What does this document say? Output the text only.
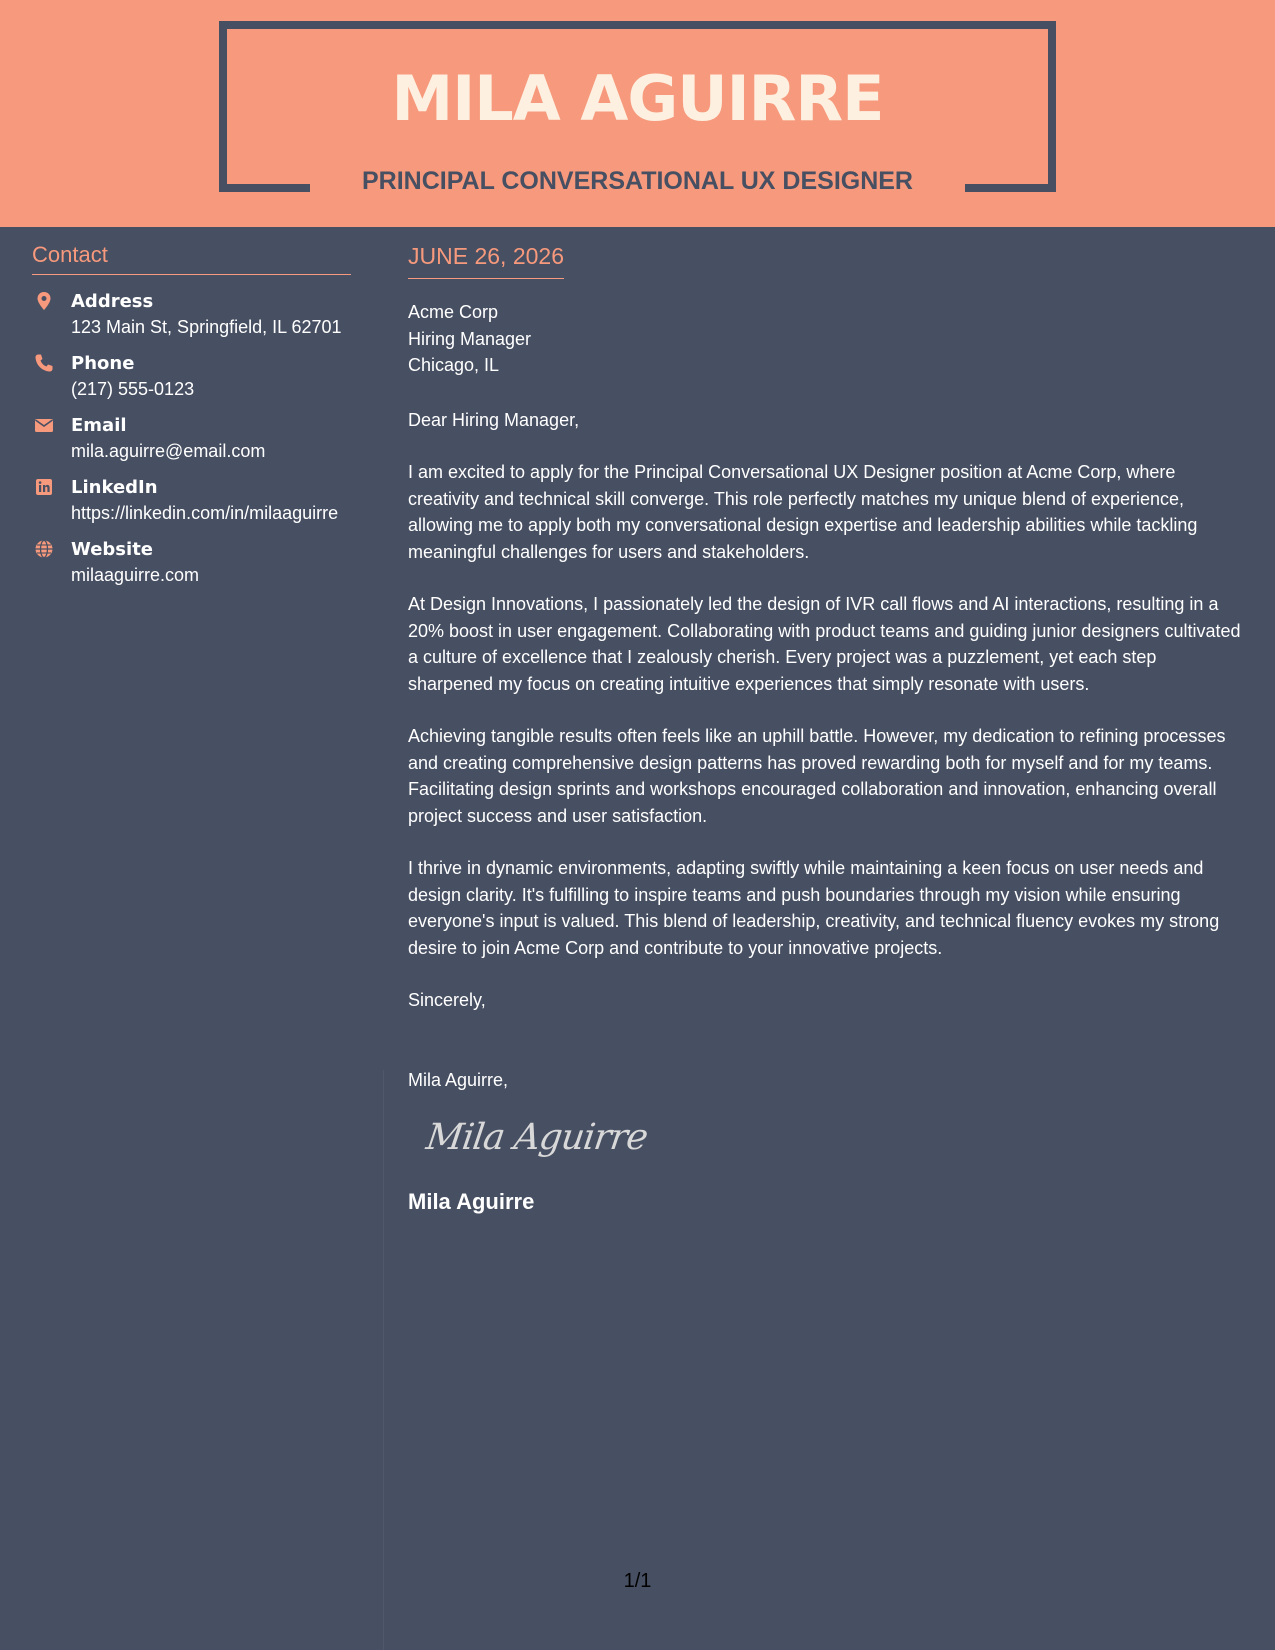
MILA AGUIRRE
PRINCIPAL CONVERSATIONAL UX DESIGNER
Contact
Address
123 Main St, Springfield, IL 62701
Phone
(217) 555-0123
Email
mila.aguirre@email.com
LinkedIn
https://linkedin.com/in/milaaguirre
Website
milaaguirre.com
JUNE 26, 2026
Acme Corp
Hiring Manager
Chicago, IL
Dear Hiring Manager,
I am excited to apply for the Principal Conversational UX Designer position at Acme Corp, where creativity and technical skill converge. This role perfectly matches my unique blend of experience, allowing me to apply both my conversational design expertise and leadership abilities while tackling meaningful challenges for users and stakeholders.
At Design Innovations, I passionately led the design of IVR call flows and AI interactions, resulting in a 20% boost in user engagement. Collaborating with product teams and guiding junior designers cultivated a culture of excellence that I zealously cherish. Every project was a puzzlement, yet each step sharpened my focus on creating intuitive experiences that simply resonate with users.
Achieving tangible results often feels like an uphill battle. However, my dedication to refining processes and creating comprehensive design patterns has proved rewarding both for myself and for my teams. Facilitating design sprints and workshops encouraged collaboration and innovation, enhancing overall project success and user satisfaction.
I thrive in dynamic environments, adapting swiftly while maintaining a keen focus on user needs and design clarity. It's fulfilling to inspire teams and push boundaries through my vision while ensuring everyone's input is valued. This blend of leadership, creativity, and technical fluency evokes my strong desire to join Acme Corp and contribute to your innovative projects.
Sincerely,
Mila Aguirre,
Mila Aguirre
Mila Aguirre
1/1
